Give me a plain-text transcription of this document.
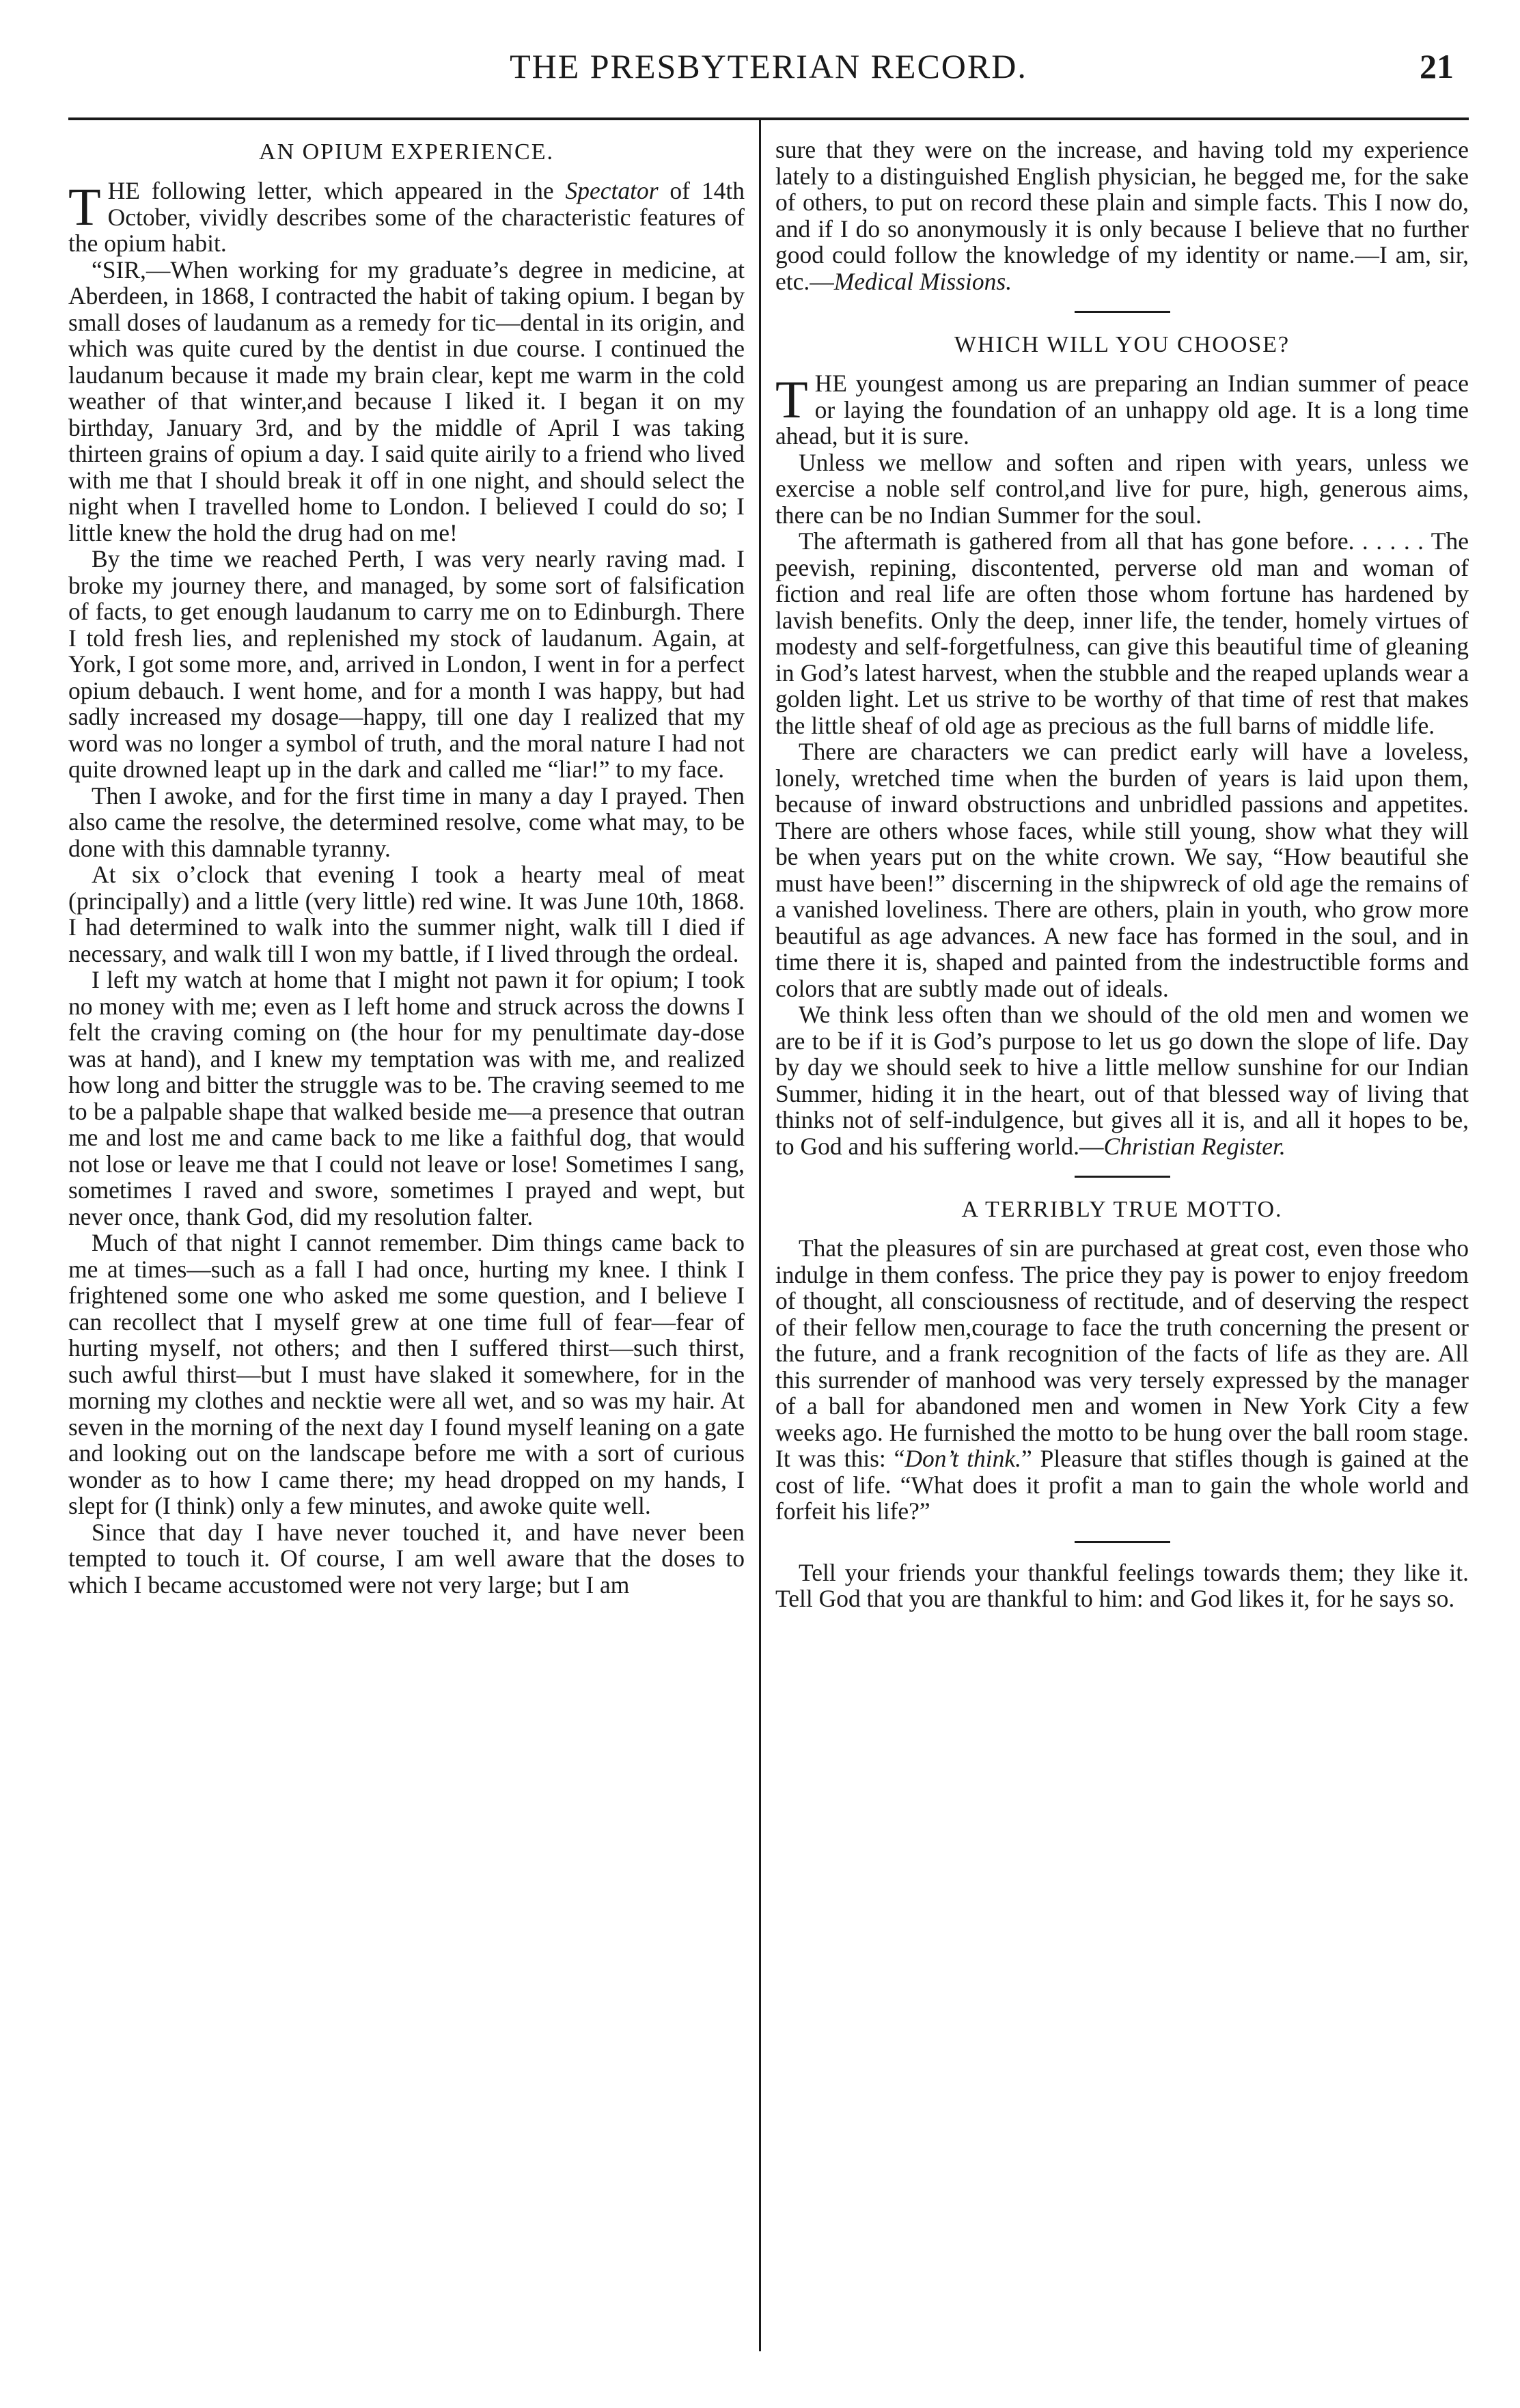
THE PRESBYTERIAN RECORD.	21
AN OPIUM EXPERIENCE.

THE following letter, which appeared in the Spectator of 14th October, vividly describes some of the characteristic features of the opium habit.

“SIR,—When working for my graduate’s degree in medicine, at Aberdeen, in 1868, I contracted the habit of taking opium. I began by small doses of laudanum as a remedy for tic—dental in its origin, and which was quite cured by the dentist in due course. I continued the laudanum because it made my brain clear, kept me warm in the cold weather of that winter,and because I liked it. I began it on my birthday, January 3rd, and by the middle of April I was taking thirteen grains of opium a day. I said quite airily to a friend who lived with me that I should break it off in one night, and should select the night when I travelled home to London. I believed I could do so; I little knew the hold the drug had on me!

By the time we reached Perth, I was very nearly raving mad. I broke my journey there, and managed, by some sort of falsification of facts, to get enough laudanum to carry me on to Edinburgh. There I told fresh lies, and replenished my stock of laudanum. Again, at York, I got some more, and, arrived in London, I went in for a perfect opium debauch. I went home, and for a month I was happy, but had sadly increased my dosage—happy, till one day I realized that my word was no longer a symbol of truth, and the moral nature I had not quite drowned leapt up in the dark and called me “liar!” to my face.

Then I awoke, and for the first time in many a day I prayed. Then also came the resolve, the determined resolve, come what may, to be done with this damnable tyranny.

At six o’clock that evening I took a hearty meal of meat (principally) and a little (very little) red wine. It was June 10th, 1868. I had determined to walk into the summer night, walk till I died if necessary, and walk till I won my battle, if I lived through the ordeal.

I left my watch at home that I might not pawn it for opium; I took no money with me; even as I left home and struck across the downs I felt the craving coming on (the hour for my penultimate day-dose was at hand), and I knew my temptation was with me, and realized how long and bitter the struggle was to be. The craving seemed to me to be a palpable shape that walked beside me—a presence that outran me and lost me and came back to me like a faithful dog, that would not lose or leave me that I could not leave or lose! Sometimes I sang, sometimes I raved and swore, sometimes I prayed and wept, but never once, thank God, did my resolution falter.

Much of that night I cannot remember. Dim things came back to me at times—such as a fall I had once, hurting my knee. I think I frightened some one who asked me some question, and I believe I can recollect that I myself grew at one time full of fear—fear of hurting myself, not others; and then I suffered thirst—such thirst, such awful thirst—but I must have slaked it somewhere, for in the morning my clothes and necktie were all wet, and so was my hair. At seven in the morning of the next day I found myself leaning on a gate and looking out on the landscape before me with a sort of curious wonder as to how I came there; my head dropped on my hands, I slept for (I think) only a few minutes, and awoke quite well.

Since that day I have never touched it, and have never been tempted to touch it. Of course, I am well aware that the doses to which I became accustomed were not very large; but I am

sure that they were on the increase, and having told my experience lately to a distinguished English physician, he begged me, for the sake of others, to put on record these plain and simple facts. This I now do, and if I do so anonymously it is only because I believe that no further good could follow the knowledge of my identity or name.—I am, sir, etc.—Medical Missions.

WHICH WILL YOU CHOOSE?

THE youngest among us are preparing an Indian summer of peace or laying the foundation of an unhappy old age. It is a long time ahead, but it is sure.

Unless we mellow and soften and ripen with years, unless we exercise a noble self control,and live for pure, high, generous aims, there can be no Indian Summer for the soul.

The aftermath is gathered from all that has gone before. . . . . . The peevish, repining, discontented, perverse old man and woman of fiction and real life are often those whom fortune has hardened by lavish benefits. Only the deep, inner life, the tender, homely virtues of modesty and self-forgetfulness, can give this beautiful time of gleaning in God’s latest harvest, when the stubble and the reaped uplands wear a golden light. Let us strive to be worthy of that time of rest that makes the little sheaf of old age as precious as the full barns of middle life.

There are characters we can predict early will have a loveless, lonely, wretched time when the burden of years is laid upon them, because of inward obstructions and unbridled passions and appetites. There are others whose faces, while still young, show what they will be when years put on the white crown. We say, “How beautiful she must have been!” discerning in the shipwreck of old age the remains of a vanished loveliness. There are others, plain in youth, who grow more beautiful as age advances. A new face has formed in the soul, and in time there it is, shaped and painted from the indestructible forms and colors that are subtly made out of ideals.

We think less often than we should of the old men and women we are to be if it is God’s purpose to let us go down the slope of life. Day by day we should seek to hive a little mellow sunshine for our Indian Summer, hiding it in the heart, out of that blessed way of living that thinks not of self-indulgence, but gives all it is, and all it hopes to be, to God and his suffering world.—Christian Register.

A TERRIBLY TRUE MOTTO.

That the pleasures of sin are purchased at great cost, even those who indulge in them confess. The price they pay is power to enjoy freedom of thought, all consciousness of rectitude, and of deserving the respect of their fellow men,courage to face the truth concerning the present or the future, and a frank recognition of the facts of life as they are. All this surrender of manhood was very tersely expressed by the manager of a ball for abandoned men and women in New York City a few weeks ago. He furnished the motto to be hung over the ball room stage. It was this: “Don’t think.” Pleasure that stifles though is gained at the cost of life. “What does it profit a man to gain the whole world and forfeit his life?”

Tell your friends your thankful feelings towards them; they like it. Tell God that you are thankful to him: and God likes it, for he says so.
